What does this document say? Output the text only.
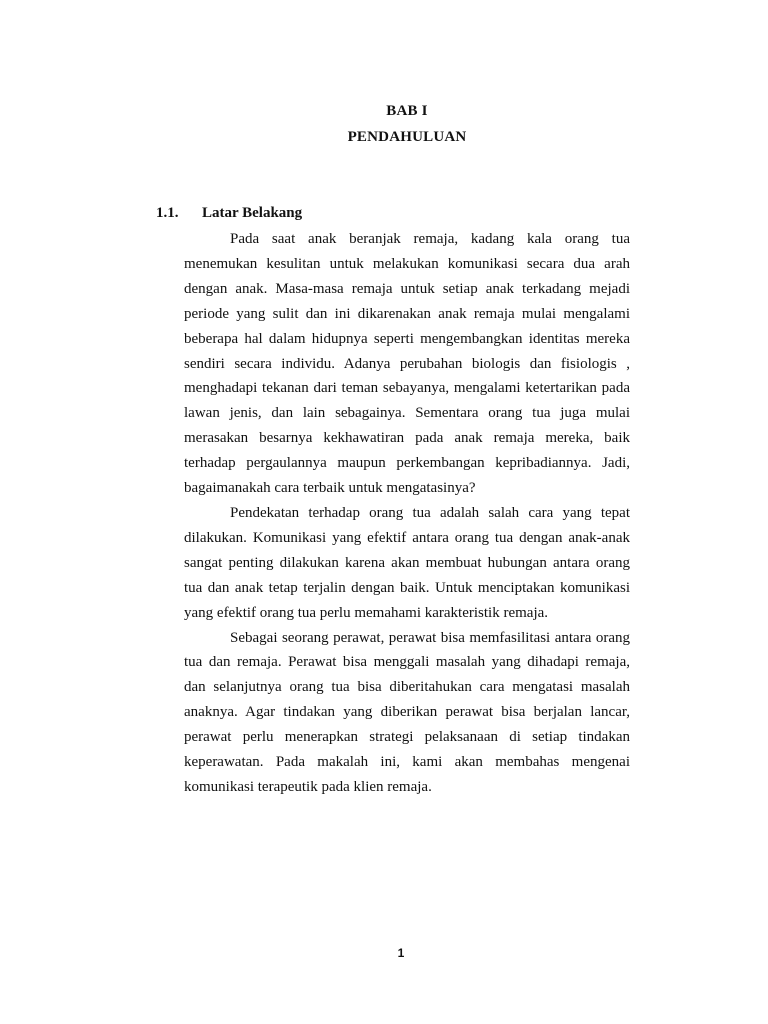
BAB I
PENDAHULUAN
1.1. Latar Belakang

Pada saat anak beranjak remaja, kadang kala orang tua menemukan kesulitan untuk melakukan komunikasi secara dua arah dengan anak. Masa-masa remaja untuk setiap anak terkadang mejadi periode yang sulit dan ini dikarenakan anak remaja mulai mengalami beberapa hal dalam hidupnya seperti mengembangkan identitas mereka sendiri secara individu. Adanya perubahan biologis dan fisiologis , menghadapi tekanan dari teman sebayanya, mengalami ketertarikan pada lawan jenis, dan lain sebagainya. Sementara orang tua juga mulai merasakan besarnya kekhawatiran pada anak remaja mereka, baik terhadap pergaulannya maupun perkembangan kepribadiannya. Jadi, bagaimanakah cara terbaik untuk mengatasinya?

Pendekatan terhadap orang tua adalah salah cara yang tepat dilakukan. Komunikasi yang efektif antara orang tua dengan anak-anak sangat penting dilakukan karena akan membuat hubungan antara orang tua dan anak tetap terjalin dengan baik. Untuk menciptakan komunikasi yang efektif orang tua perlu memahami karakteristik remaja.

Sebagai seorang perawat, perawat bisa memfasilitasi antara orang tua dan remaja. Perawat bisa menggali masalah yang dihadapi remaja, dan selanjutnya orang tua bisa diberitahukan cara mengatasi masalah anaknya. Agar tindakan yang diberikan perawat bisa berjalan lancar, perawat perlu menerapkan strategi pelaksanaan di setiap tindakan keperawatan. Pada makalah ini, kami akan membahas mengenai komunikasi terapeutik pada klien remaja.

1
